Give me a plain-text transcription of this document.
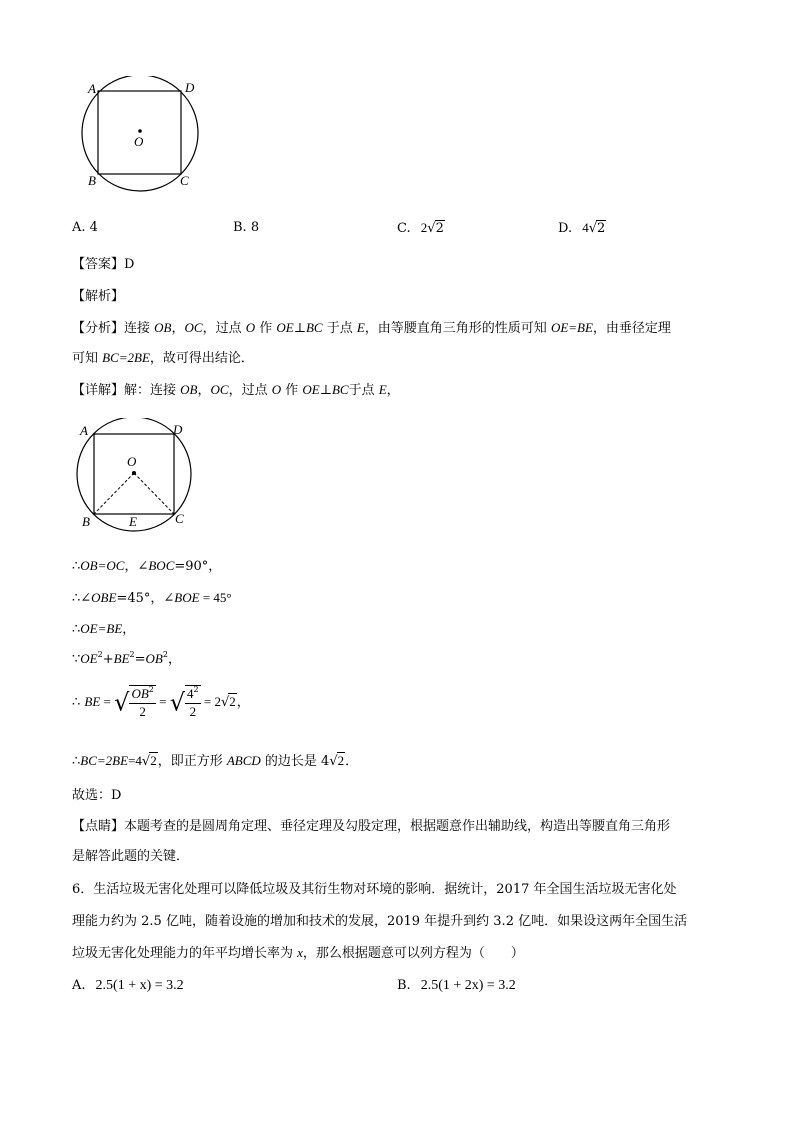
A	D
O
B	C
A. 4	B. 8	C. 2√2	D. 4√2
【答案】D
【解析】
【分析】连接 OB，OC，过点 O 作 OE⊥BC 于点 E，由等腰直角三角形的性质可知 OE=BE，由垂径定理
可知 BC=2BE，故可得出结论．
【详解】解：连接 OB，OC，过点 O 作 OE⊥BC于点 E，
A	D
O
B	E	C
∴OB=OC，∠BOC=90°，
∴∠OBE=45°，∠BOE = 45°
∴OE=BE，
$\because OE^2+BE^2=OB^2$，
∴ BE = √ $\frac{OB^2}{2}$ = √ $\frac{4^2}{2} = 2√2$，
∴BC=2BE=4√2，即正方形 ABCD 的边长是 4√2．
故选：D
【点睛】本题考查的是圆周角定理、垂径定理及勾股定理，根据题意作出辅助线，构造出等腰直角三角形
是解答此题的关键．
6．生活垃圾无害化处理可以降低垃圾及其衍生物对环境的影响．据统计，2017 年全国生活垃圾无害化处
理能力约为 2.5 亿吨，随着设施的增加和技术的发展，2019 年提升到约 3.2 亿吨．如果设这两年全国生活
垃圾无害化处理能力的年平均增长率为 x，那么根据题意可以列方程为（　　）
A. 2.5(1 + x) = 3.2	B. 2.5(1 + 2x) = 3.2
